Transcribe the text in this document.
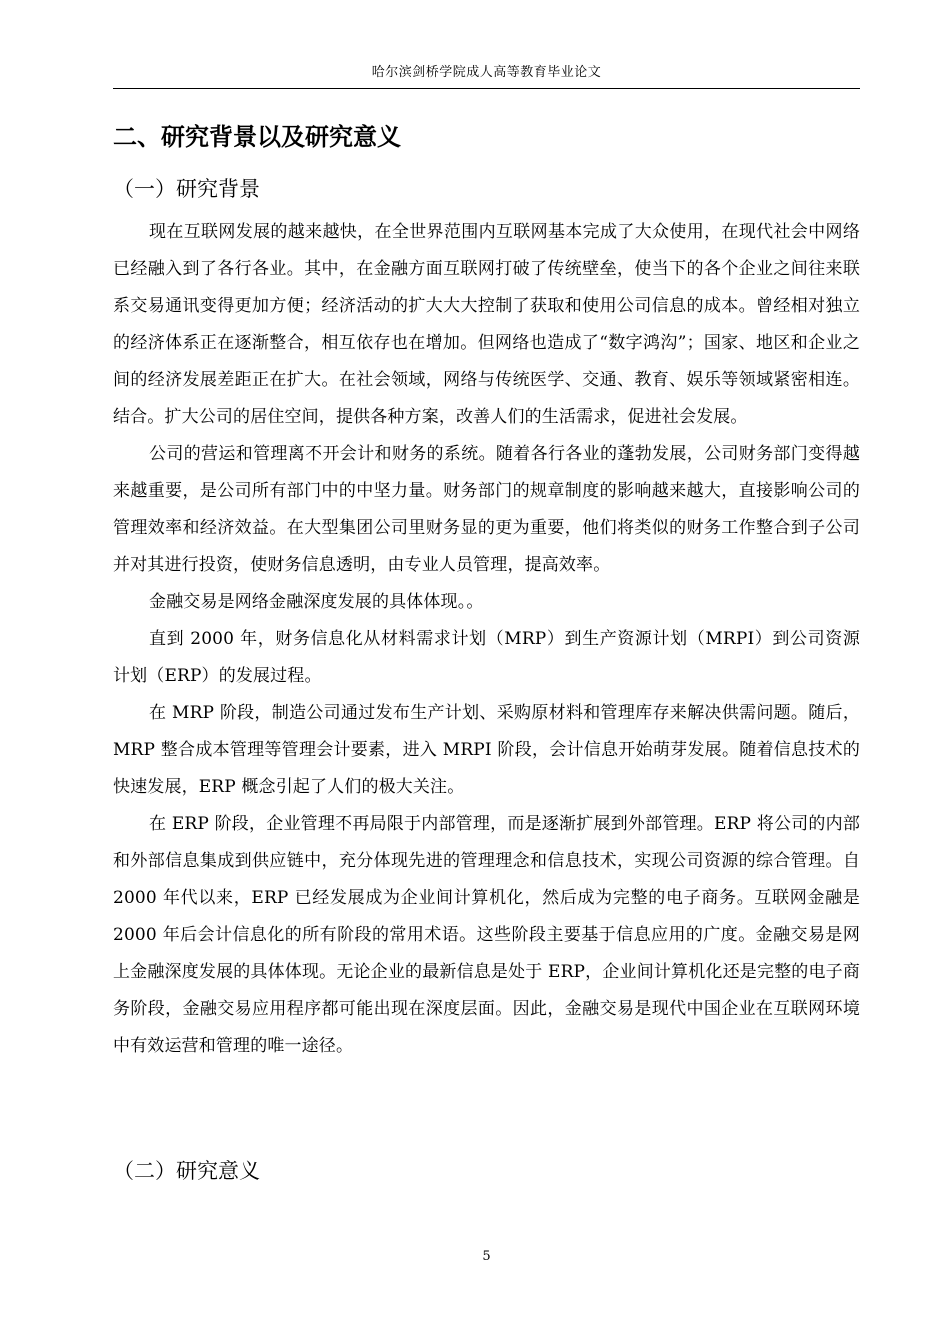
哈尔滨剑桥学院成人高等教育毕业论文
二、研究背景以及研究意义
（一）研究背景

现在互联网发展的越来越快，在全世界范围内互联网基本完成了大众使用，在现代社会中网络已经融入到了各行各业。其中，在金融方面互联网打破了传统壁垒，使当下的各个企业之间往来联系交易通讯变得更加方便；经济活动的扩大大大控制了获取和使用公司信息的成本。曾经相对独立的经济体系正在逐渐整合，相互依存也在增加。但网络也造成了“数字鸿沟”；国家、地区和企业之间的经济发展差距正在扩大。在社会领域，网络与传统医学、交通、教育、娱乐等领域紧密相连。结合。扩大公司的居住空间，提供各种方案，改善人们的生活需求，促进社会发展。

公司的营运和管理离不开会计和财务的系统。随着各行各业的蓬勃发展，公司财务部门变得越来越重要，是公司所有部门中的中坚力量。财务部门的规章制度的影响越来越大，直接影响公司的管理效率和经济效益。在大型集团公司里财务显的更为重要，他们将类似的财务工作整合到子公司并对其进行投资，使财务信息透明，由专业人员管理，提高效率。

金融交易是网络金融深度发展的具体体现。。

直到 2000 年，财务信息化从材料需求计划（MRP）到生产资源计划（MRPI）到公司资源计划（ERP）的发展过程。

在 MRP 阶段，制造公司通过发布生产计划、采购原材料和管理库存来解决供需问题。随后，MRP 整合成本管理等管理会计要素，进入 MRPI 阶段，会计信息开始萌芽发展。随着信息技术的快速发展，ERP 概念引起了人们的极大关注。

在 ERP 阶段，企业管理不再局限于内部管理，而是逐渐扩展到外部管理。ERP 将公司的内部和外部信息集成到供应链中，充分体现先进的管理理念和信息技术，实现公司资源的综合管理。自 2000 年代以来，ERP 已经发展成为企业间计算机化，然后成为完整的电子商务。互联网金融是 2000 年后会计信息化的所有阶段的常用术语。这些阶段主要基于信息应用的广度。金融交易是网上金融深度发展的具体体现。无论企业的最新信息是处于 ERP，企业间计算机化还是完整的电子商务阶段，金融交易应用程序都可能出现在深度层面。因此，金融交易是现代中国企业在互联网环境中有效运营和管理的唯一途径。

（二）研究意义
5
